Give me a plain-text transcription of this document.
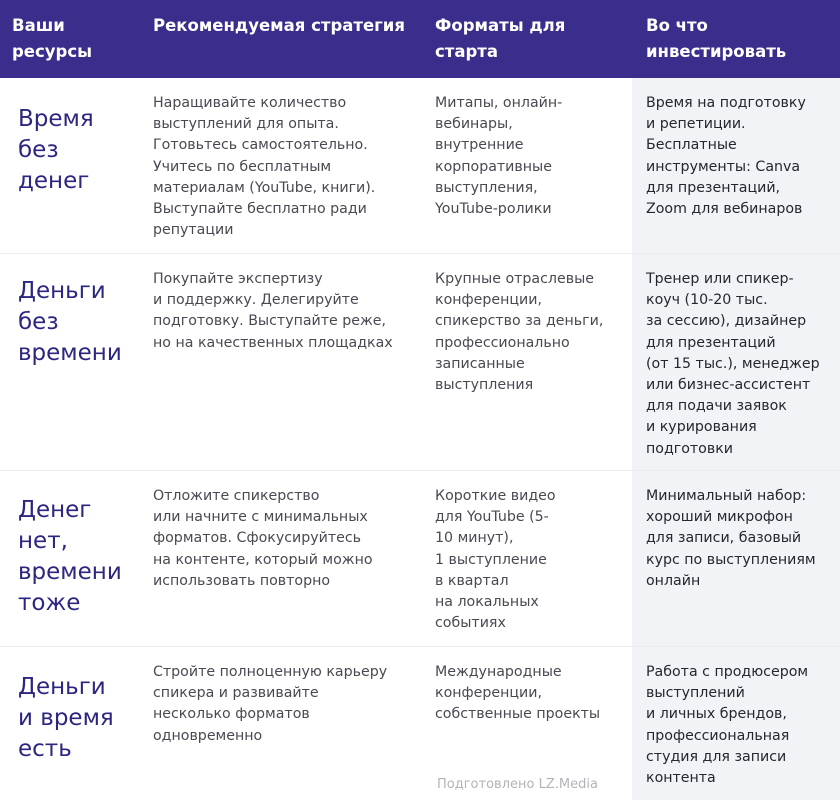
Ваши
ресурсы
Рекомендуемая стратегия Форматы для
старта
Во что
инвестировать
Время
без
денег
Наращивайте количество
выступлений для опыта.
Готовьтесь самостоятельно.
Учитесь по бесплатным
материалам (YouTube, книги).
Выступайте бесплатно ради
репутации
Митапы, онлайн-
вебинары,
внутренние
корпоративные
выступления,
YouTube-ролики
Время на подготовку
и репетиции.
Бесплатные
инструменты: Canva
для презентаций,
Zoom для вебинаров
Деньги
без
времени
Покупайте экспертизу
и поддержку. Делегируйте
подготовку. Выступайте реже,
но на качественных площадках
Крупные отраслевые
конференции,
спикерство за деньги,
профессионально
записанные
выступления
Тренер или спикер-
коуч (10-20 тыс.
за сессию), дизайнер
для презентаций
(от 15 тыс.), менеджер
или бизнес-ассистент
для подачи заявок
и курирования
подготовки
Денег
нет,
времени
тоже
Отложите спикерство
или начните с минимальных
форматов. Сфокусируйтесь
на контенте, который можно
использовать повторно
Короткие видео
для YouTube (5-
10 минут),
1 выступление
в квартал
на локальных
событиях
Минимальный набор:
хороший микрофон
для записи, базовый
курс по выступлениям
онлайн
Деньги
и время
есть
Стройте полноценную карьеру
спикера и развивайте
несколько форматов
одновременно
Международные
конференции,
собственные проекты
Работа с продюсером
выступлений
и личных брендов,
профессиональная
студия для записи
контента
Подготовлено LZ.Media
